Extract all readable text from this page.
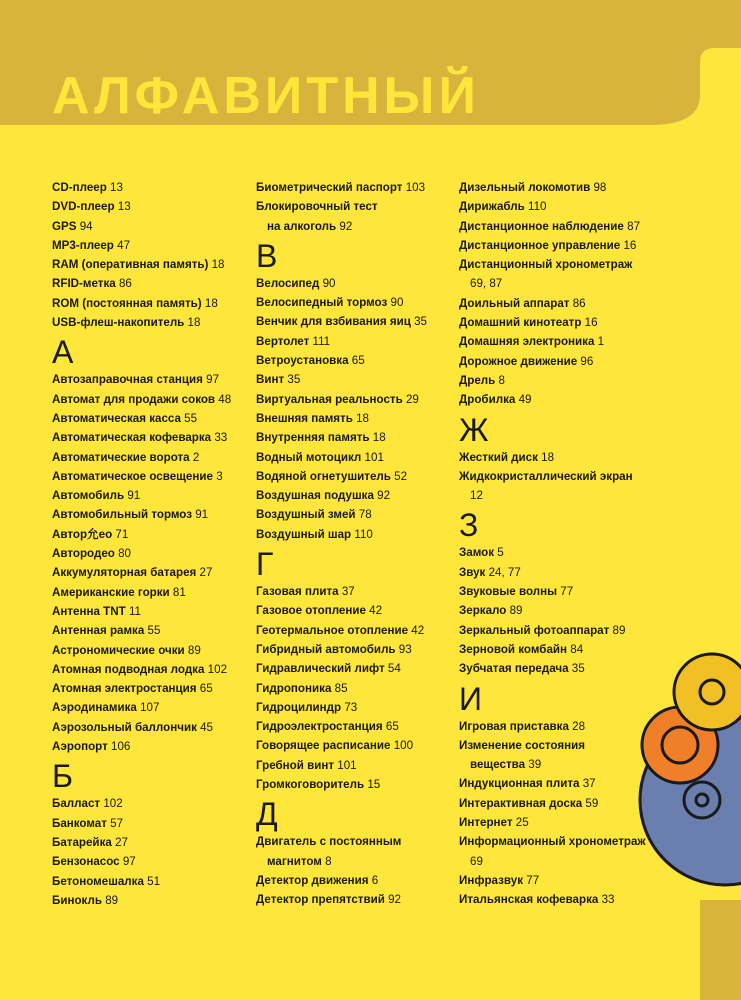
АЛФАВИТНЫЙ УКАЗАТЕЛЬ
CD-плеер 13
DVD-плеер 13
GPS 94
MP3-плеер 47
RAM (оперативная память) 18
RFID-метка 86
ROM (постоянная память) 18
USB-флеш-накопитель 18
А
Автозаправочная станция 97
Автомат для продажи соков 48
Автоматическая касса 55
Автоматическая кофеварка 33
Автоматические ворота 2
Автоматическое освещение 3
Автомобиль 91
Автомобильный тормоз 91
Автор允еo 71
Автородео 80
Аккумуляторная батарея 27
Американские горки 81
Антенна TNT 11
Антенная рамка 55
Астрономические очки 89
Атомная подводная лодка 102
Атомная электростанция 65
Аэродинамика 107
Аэрозольный баллончик 45
Аэропорт 106
Б
Балласт 102
Банкомат 57
Батарейка 27
Бензонасос 97
Бетономешалка 51
Бинокль 89
Биометрический паспорт 103
Блокировочный тест
на алкоголь 92
В
Велосипед 90
Велосипедный тормоз 90
Венчик для взбивания яиц 35
Вертолет 111
Ветроустановка 65
Винт 35
Виртуальная реальность 29
Внешняя память 18
Внутренняя память 18
Водный мотоцикл 101
Водяной огнетушитель 52
Воздушная подушка 92
Воздушный змей 78
Воздушный шар 110
Г
Газовая плита 37
Газовое отопление 42
Геотермальное отопление 42
Гибридный автомобиль 93
Гидравлический лифт 54
Гидропоника 85
Гидроцилиндр 73
Гидроэлектростанция 65
Говорящее расписание 100
Гребной винт 101
Громкоговоритель 15
Д
Двигатель с постоянным
магнитом 8
Детектор движения 6
Детектор препятствий 92
Дизельный локомотив 98
Дирижабль 110
Дистанционное наблюдение 87
Дистанционное управление 16
Дистанционный хронометраж
69, 87
Доильный аппарат 86
Домашний кинотеатр 16
Домашняя электроника 1
Дорожное движение 96
Дрель 8
Дробилка 49
Ж
Жесткий диск 18
Жидкокристаллический экран
12
З
Замок 5
Звук 24, 77
Звуковые волны 77
Зеркало 89
Зеркальный фотоаппарат 89
Зерновой комбайн 84
Зубчатая передача 35
И
Игровая приставка 28
Изменение состояния
вещества 39
Индукционная плита 37
Интерактивная доска 59
Интернет 25
Информационный хронометраж
69
Инфразвук 77
Итальянская кофеварка 33
